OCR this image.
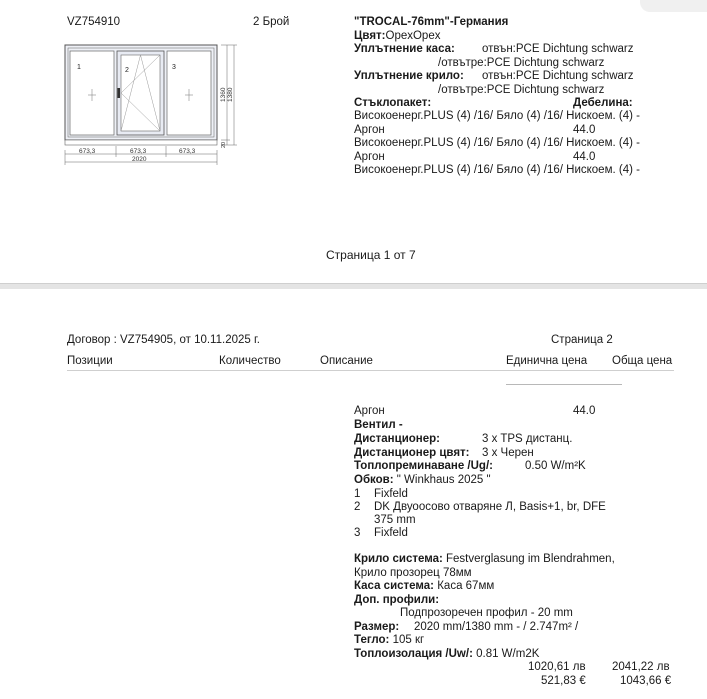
VZ754910	2 Брой	"TROCAL-76mm"-Германия
Цвят:OpexOpex
Уплътнение каса: отвън:PCE Dichtung schwarz
/отвътре:PCE Dichtung schwarz
Уплътнение крило: отвън:PCE Dichtung schwarz
/отвътре:PCE Dichtung schwarz
Стъклопакет:	Дебелина:
Високоенерг.PLUS (4) /16/ Бяло (4) /16/ Нискоем. (4) -
Аргон	44.0
Високоенерг.PLUS (4) /16/ Бяло (4) /16/ Нискоем. (4) -
Аргон	44.0
Високоенерг.PLUS (4) /16/ Бяло (4) /16/ Нискоем. (4) -
1	2	3
673,3	673,3	673,3
2020
1360 1380
20
Страница 1 от 7
Договор : VZ754905, от 10.11.2025 г.	Страница 2
Позиции	Количество	Описание	Единична цена Обща цена
Аргон	44.0
Вентил -
Дистанционер:	3 x TPS дистанц.
Дистанционер цвят: 3 x Черен
Топлопреминаване /Ug/:	0.50 W/m²K
Обков: " Winkhaus 2025 "
1 Fixfeld
2 DK Двуоосово отваряне Л, Basis+1, br, DFE
375 mm
3 Fixfeld
Крило система: Festverglasung im Blendrahmen,
Крило прозорец 78мм
Каса система: Каса 67мм
Доп. профили:
Подпрозоречен профил - 20 mm
Размер: 2020 mm/1380 mm - / 2.747m² /
Тегло: 105 кг
Топлоизолация /Uw/: 0.81 W/m2K
1020,61 лв 2041,22 лв
521,83 €	1043,66 €
